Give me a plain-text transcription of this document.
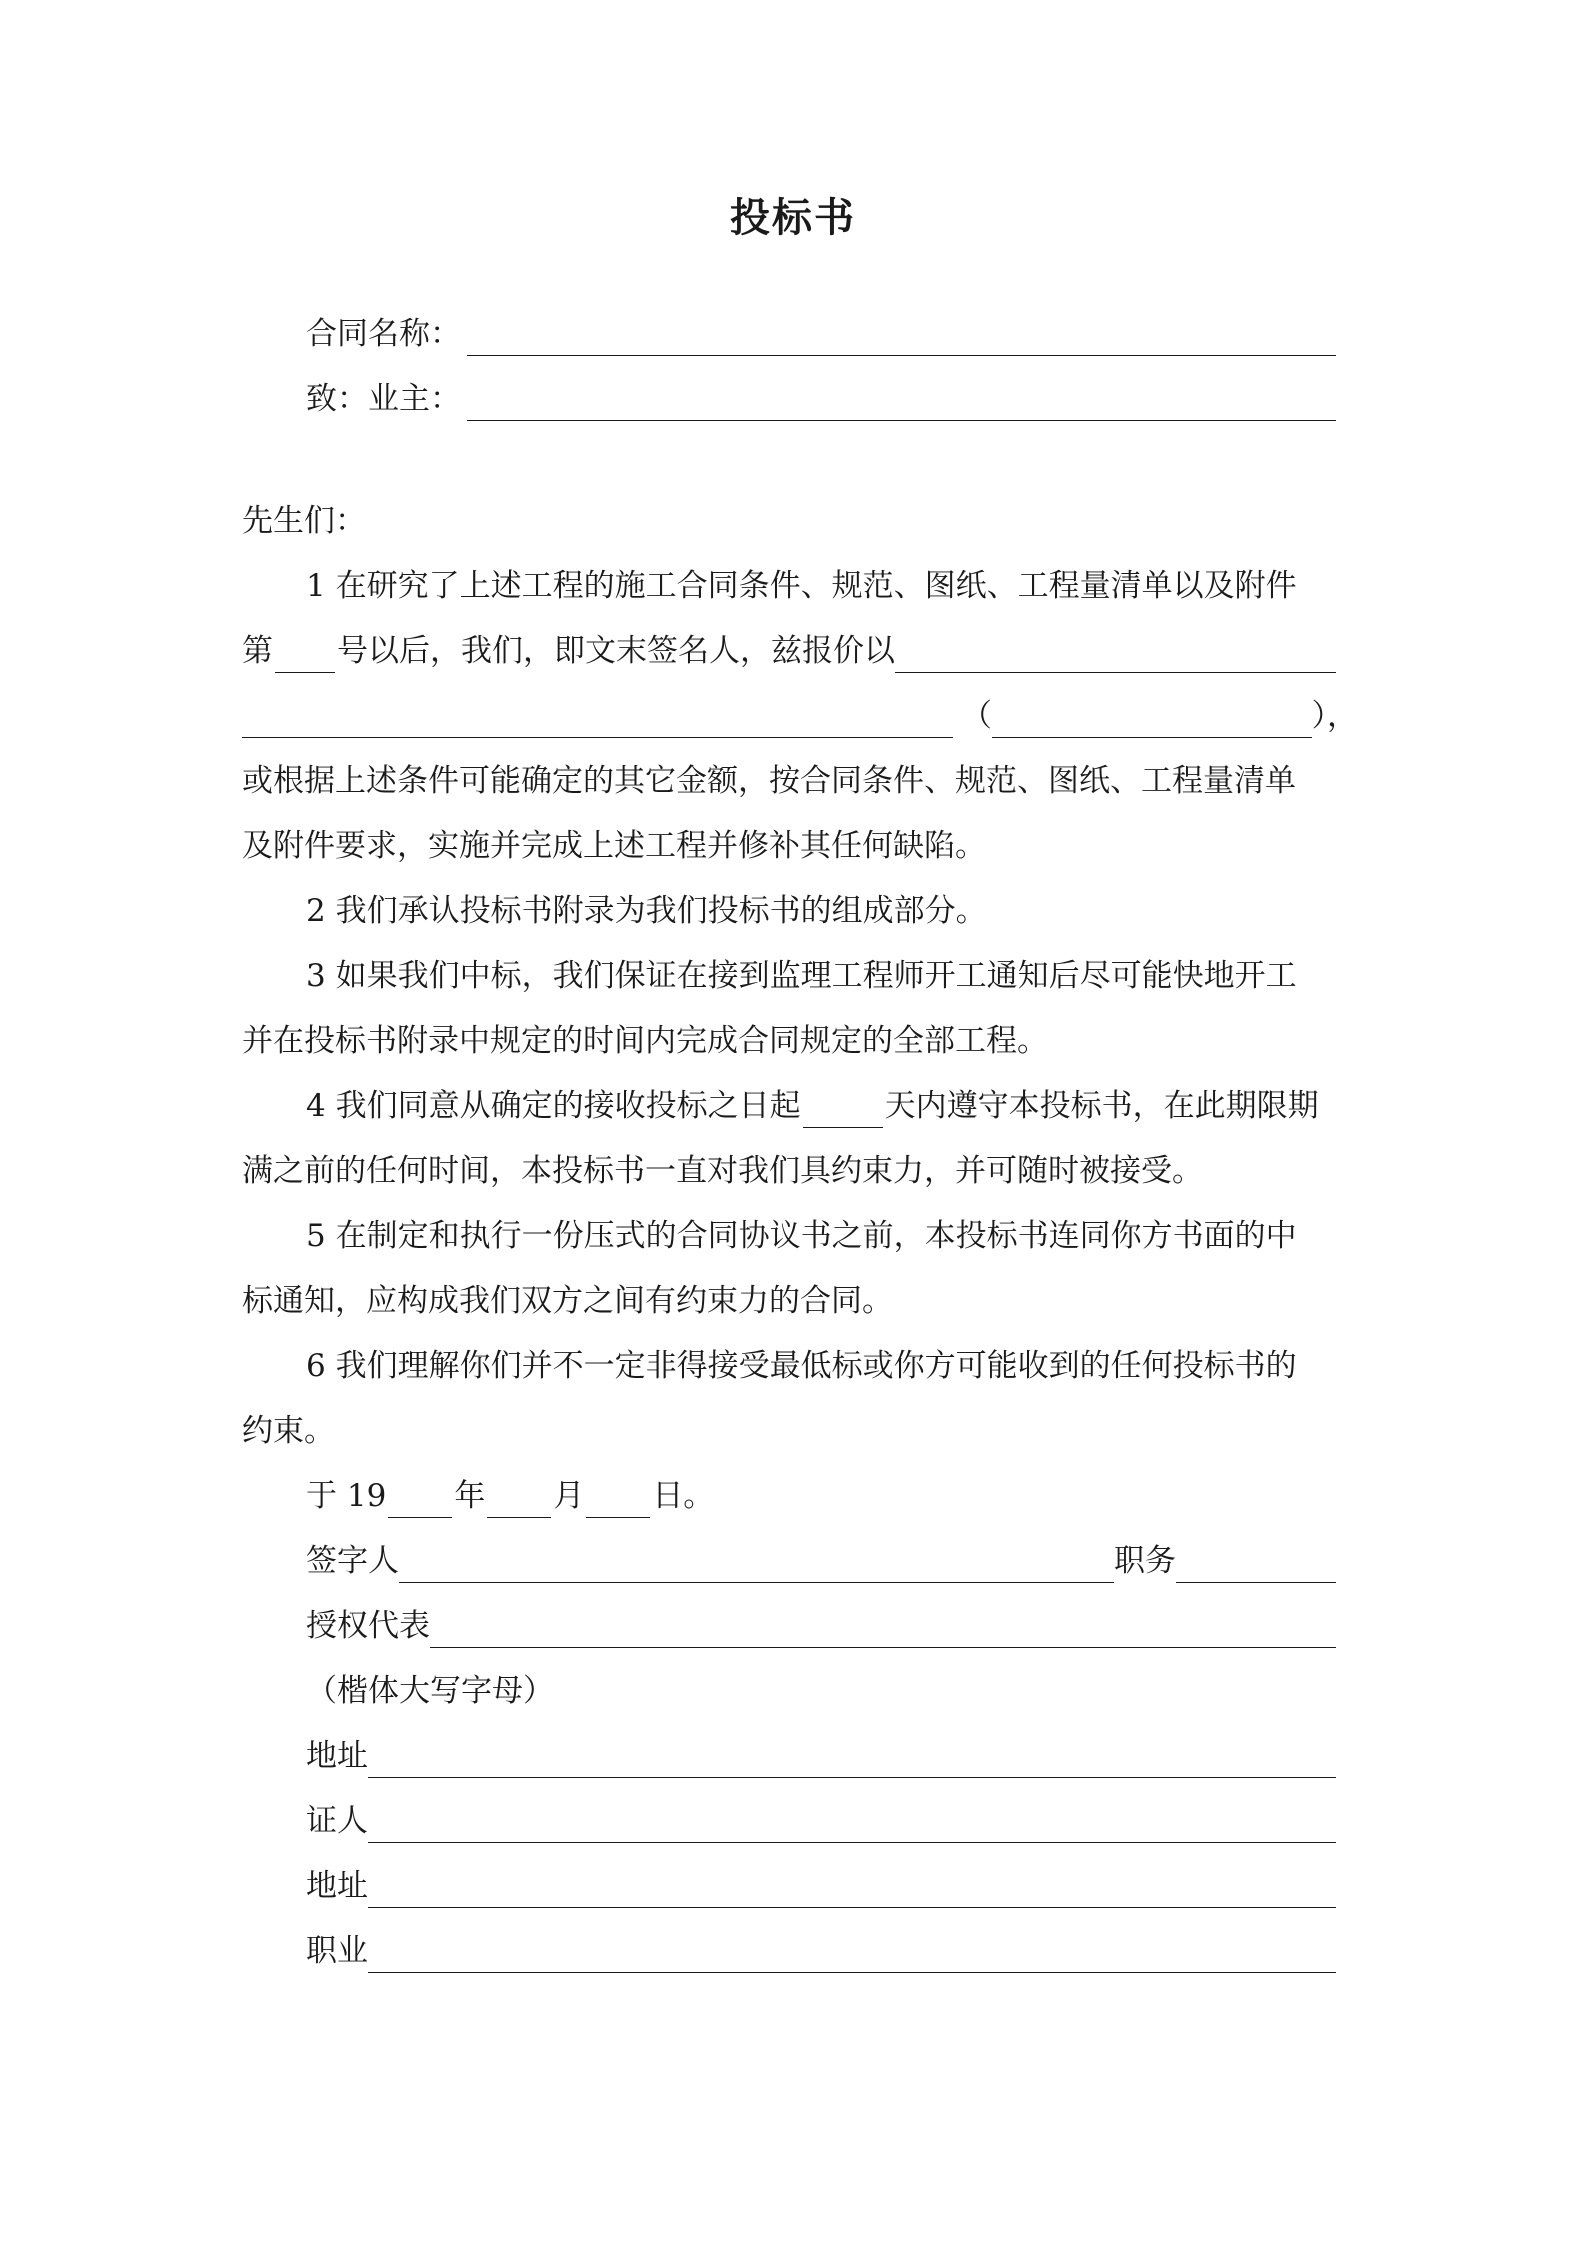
投标书
合同名称：
致：业主：
先生们：
1 在研究了上述工程的施工合同条件、规范、图纸、工程量清单以及附件
第 号以后，我们，即文末签名人，兹报价以
（	），
或根据上述条件可能确定的其它金额，按合同条件、规范、图纸、工程量清单
及附件要求，实施并完成上述工程并修补其任何缺陷。
2 我们承认投标书附录为我们投标书的组成部分。
3 如果我们中标，我们保证在接到监理工程师开工通知后尽可能快地开工
并在投标书附录中规定的时间内完成合同规定的全部工程。
4 我们同意从确定的接收投标之日起	天内遵守本投标书，在此期限期
满之前的任何时间，本投标书一直对我们具约束力，并可随时被接受。
5 在制定和执行一份压式的合同协议书之前，本投标书连同你方书面的中
标通知，应构成我们双方之间有约束力的合同。
6 我们理解你们并不一定非得接受最低标或你方可能收到的任何投标书的
约束。
于 19 年 月 日。
签字人	职务
授权代表
（楷体大写字母）
地址
证人
地址
职业
